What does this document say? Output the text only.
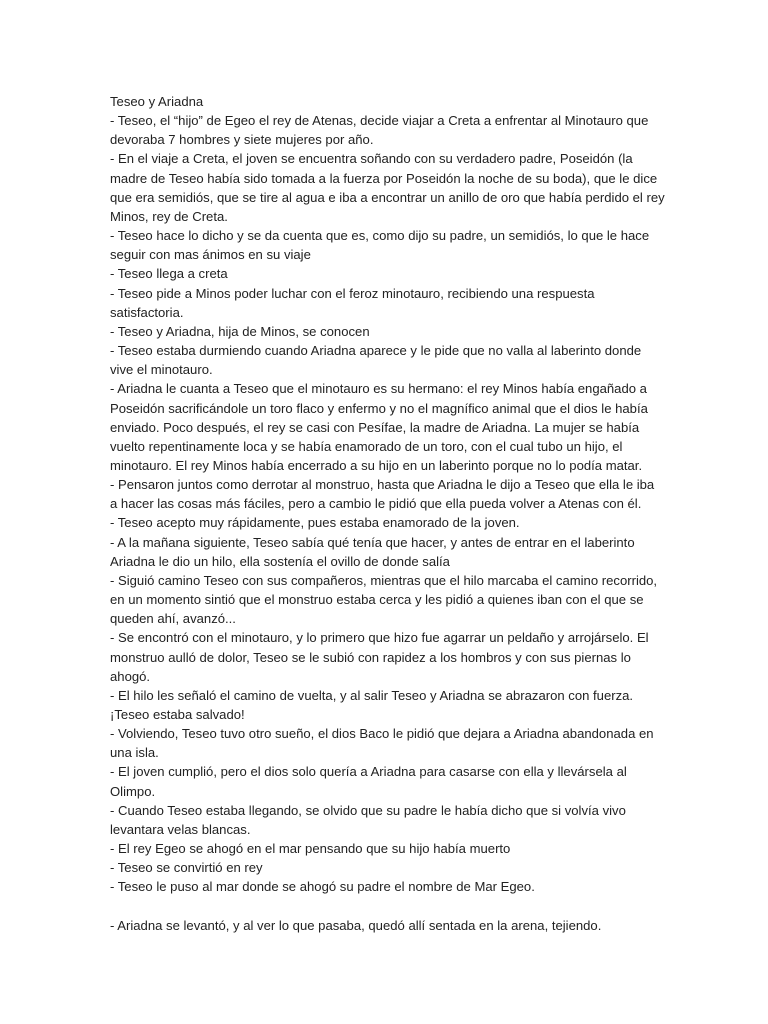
Teseo y Ariadna

- Teseo, el “hijo” de Egeo el rey de Atenas, decide viajar a Creta a enfrentar al Minotauro que devoraba 7 hombres y siete mujeres por año.

- En el viaje a Creta, el joven se encuentra soñando con su verdadero padre, Poseidón (la madre de Teseo había sido tomada a la fuerza por Poseidón la noche de su boda), que le dice que era semidiós, que se tire al agua e iba a encontrar un anillo de oro que había perdido el rey Minos, rey de Creta.

- Teseo hace lo dicho y se da cuenta que es, como dijo su padre, un semidiós, lo que le hace seguir con mas ánimos en su viaje

- Teseo llega a creta

- Teseo pide a Minos poder luchar con el feroz minotauro, recibiendo una respuesta satisfactoria.

- Teseo y Ariadna, hija de Minos, se conocen

- Teseo estaba durmiendo cuando Ariadna aparece y le pide que no valla al laberinto donde vive el minotauro.

- Ariadna le cuanta a Teseo que el minotauro es su hermano: el rey Minos había engañado a Poseidón sacrificándole un toro flaco y enfermo y no el magnífico animal que el dios le había enviado. Poco después, el rey se casi con Pesífae, la madre de Ariadna. La mujer se había vuelto repentinamente loca y se había enamorado de un toro, con el cual tubo un hijo, el minotauro. El rey Minos había encerrado a su hijo en un laberinto porque no lo podía matar.

- Pensaron juntos como derrotar al monstruo, hasta que Ariadna le dijo a Teseo que ella le iba a hacer las cosas más fáciles, pero a cambio le pidió que ella pueda volver a Atenas con él.

- Teseo acepto muy rápidamente, pues estaba enamorado de la joven.

- A la mañana siguiente, Teseo sabía qué tenía que hacer, y antes de entrar en el laberinto Ariadna le dio un hilo, ella sostenía el ovillo de donde salía

- Siguió camino Teseo con sus compañeros, mientras que el hilo marcaba el camino recorrido, en un momento sintió que el monstruo estaba cerca y les pidió a quienes iban con el que se queden ahí, avanzó...

- Se encontró con el minotauro, y lo primero que hizo fue agarrar un peldaño y arrojárselo. El monstruo aulló de dolor, Teseo se le subió con rapidez a los hombros y con sus piernas lo ahogó.

- El hilo les señaló el camino de vuelta, y al salir Teseo y Ariadna se abrazaron con fuerza. ¡Teseo estaba salvado!

- Volviendo, Teseo tuvo otro sueño, el dios Baco le pidió que dejara a Ariadna abandonada en una isla.

- El joven cumplió, pero el dios solo quería a Ariadna para casarse con ella y llevársela al Olimpo.

- Cuando Teseo estaba llegando, se olvido que su padre le había dicho que si volvía vivo levantara velas blancas.

- El rey Egeo se ahogó en el mar pensando que su hijo había muerto

- Teseo se convirtió en rey

- Teseo le puso al mar donde se ahogó su padre el nombre de Mar Egeo.

- Ariadna se levantó, y al ver lo que pasaba, quedó allí sentada en la arena, tejiendo.
